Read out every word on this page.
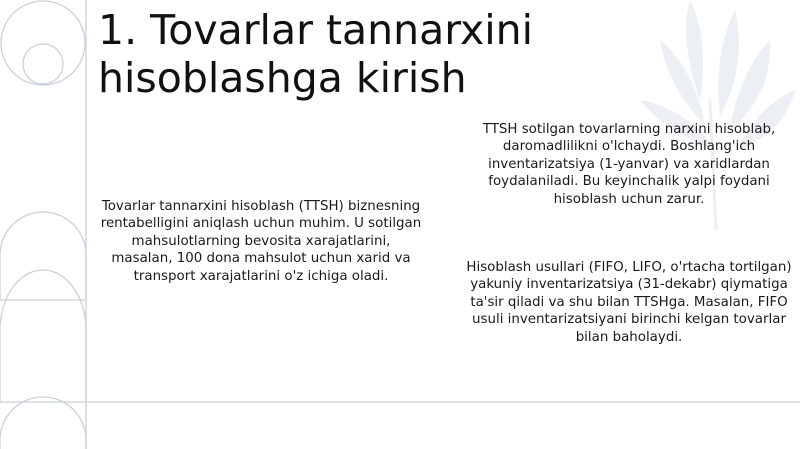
1. Tovarlar tannarxini
hisoblashga kirish

Tovarlar tannarxini hisoblash (TTSH) biznesning rentabelligini aniqlash uchun muhim. U sotilgan mahsulotlarning bevosita xarajatlarini, masalan, 100 dona mahsulot uchun xarid va transport xarajatlarini o'z ichiga oladi.

TTSH sotilgan tovarlarning narxini hisoblab, daromadlilikni o'lchaydi. Boshlang'ich inventarizatsiya (1-yanvar) va xaridlardan foydalaniladi. Bu keyinchalik yalpi foydani hisoblash uchun zarur.

Hisoblash usullari (FIFO, LIFO, o'rtacha tortilgan) yakuniy inventarizatsiya (31-dekabr) qiymatiga ta'sir qiladi va shu bilan TTSHga. Masalan, FIFO usuli inventarizatsiyani birinchi kelgan tovarlar bilan baholaydi.
